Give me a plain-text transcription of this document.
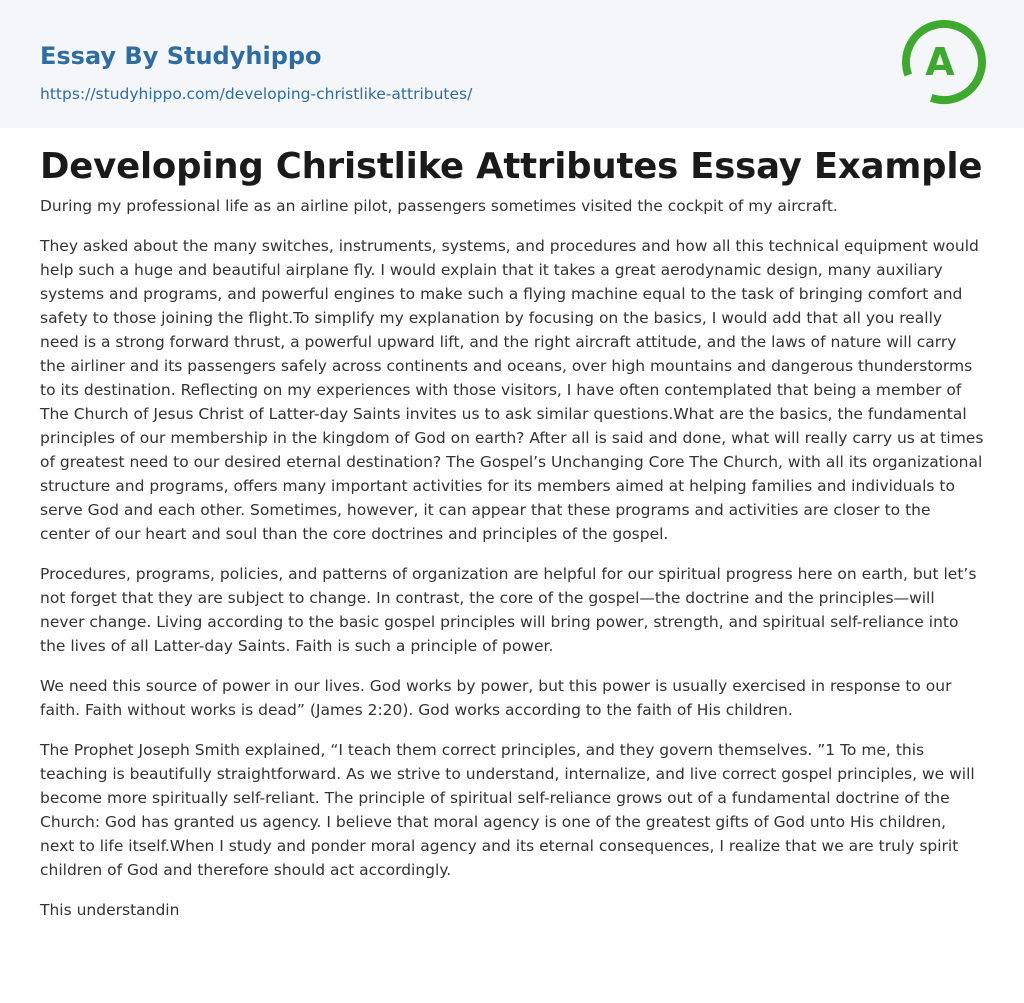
Essay By Studyhippo
https://studyhippo.com/developing-christlike-attributes/
A
Developing Christlike Attributes Essay Example

During my professional life as an airline pilot, passengers sometimes visited the cockpit of my aircraft.

They asked about the many switches, instruments, systems, and procedures and how all this technical equipment would help such a huge and beautiful airplane fly. I would explain that it takes a great aerodynamic design, many auxiliary systems and programs, and powerful engines to make such a flying machine equal to the task of bringing comfort and safety to those joining the flight.To simplify my explanation by focusing on the basics, I would add that all you really need is a strong forward thrust, a powerful upward lift, and the right aircraft attitude, and the laws of nature will carry the airliner and its passengers safely across continents and oceans, over high mountains and dangerous thunderstorms to its destination. Reflecting on my experiences with those visitors, I have often contemplated that being a member of The Church of Jesus Christ of Latter-day Saints invites us to ask similar questions.What are the basics, the fundamental principles of our membership in the kingdom of God on earth? After all is said and done, what will really carry us at times of greatest need to our desired eternal destination? The Gospel’s Unchanging Core The Church, with all its organizational structure and programs, offers many important activities for its members aimed at helping families and individuals to serve God and each other. Sometimes, however, it can appear that these programs and activities are closer to the center of our heart and soul than the core doctrines and principles of the gospel.

Procedures, programs, policies, and patterns of organization are helpful for our spiritual progress here on earth, but let’s not forget that they are subject to change. In contrast, the core of the gospel—the doctrine and the principles—will never change. Living according to the basic gospel principles will bring power, strength, and spiritual self-reliance into the lives of all Latter-day Saints. Faith is such a principle of power.

We need this source of power in our lives. God works by power, but this power is usually exercised in response to our faith. Faith without works is dead” (James 2:20). God works according to the faith of His children.

The Prophet Joseph Smith explained, “I teach them correct principles, and they govern themselves. ”1 To me, this teaching is beautifully straightforward. As we strive to understand, internalize, and live correct gospel principles, we will become more spiritually self-reliant. The principle of spiritual self-reliance grows out of a fundamental doctrine of the Church: God has granted us agency. I believe that moral agency is one of the greatest gifts of God unto His children, next to life itself.When I study and ponder moral agency and its eternal consequences, I realize that we are truly spirit children of God and therefore should act accordingly.

This understandin
